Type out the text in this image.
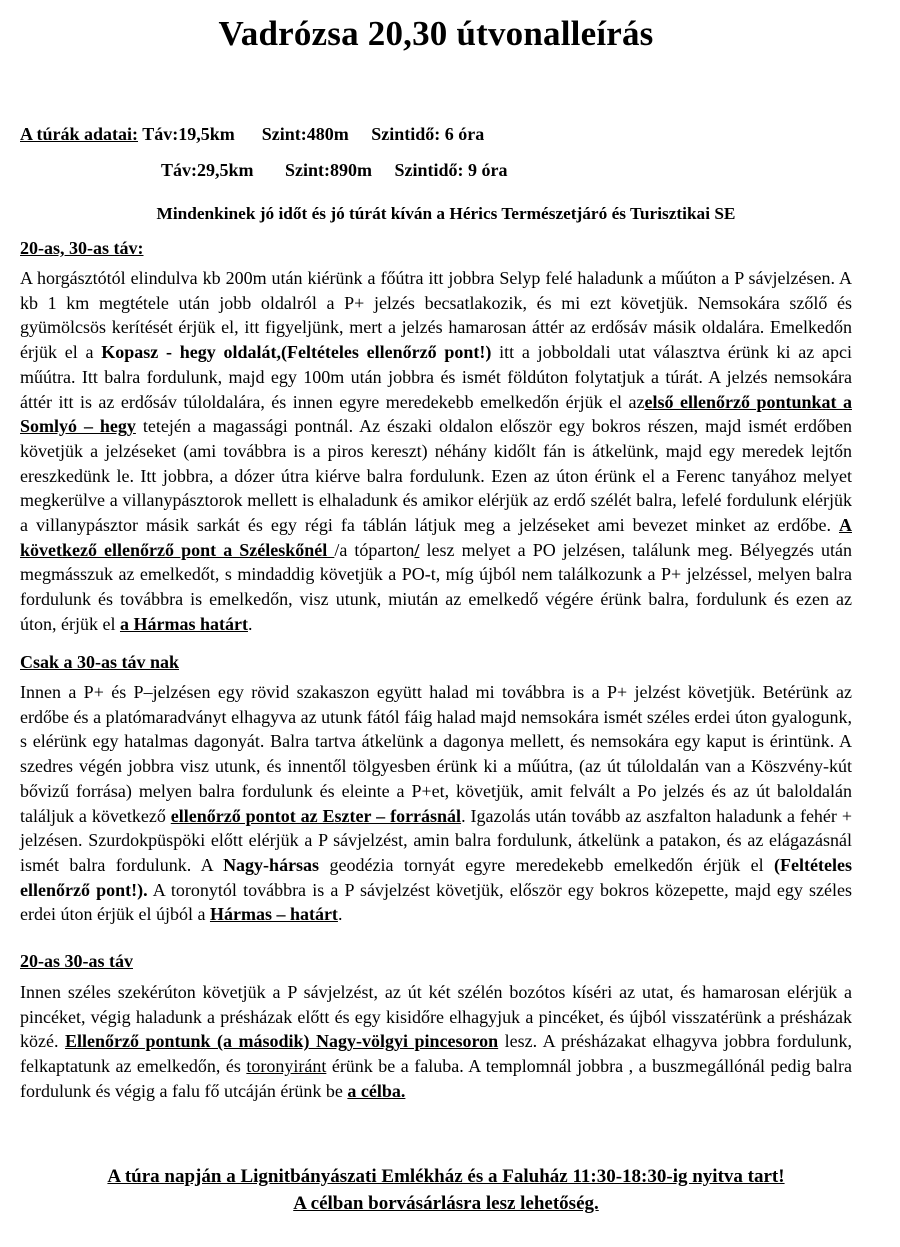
Vadrózsa 20,30 útvonalleírás
A túrák adatai: Táv:19,5km Szint:480m Szintidő: 6 óra
Táv:29,5km Szint:890m Szintidő: 9 óra
Mindenkinek jó időt és jó túrát kíván a Hérics Természetjáró és Turisztikai SE
20-as, 30-as táv:
A horgásztótól elindulva kb 200m után kiérünk a főútra itt jobbra Selyp felé haladunk a műúton a P sávjelzésen. A kb 1 km megtétele után jobb oldalról a P+ jelzés becsatlakozik, és mi ezt követjük. Nemsokára szőlő és gyümölcsös kerítését érjük el, itt figyeljünk, mert a jelzés hamarosan áttér az erdősáv másik oldalára. Emelkedőn érjük el a Kopasz - hegy oldalát,(Feltételes ellenőrző pont!) itt a jobboldali utat választva érünk ki az apci műútra. Itt balra fordulunk, majd egy 100m után jobbra és ismét földúton folytatjuk a túrát. A jelzés nemsokára áttér itt is az erdősáv túloldalára, és innen egyre meredekebb emelkedőn érjük el azelső ellenőrző pontunkat a Somlyó – hegy tetején a magassági pontnál. Az északi oldalon először egy bokros részen, majd ismét erdőben követjük a jelzéseket (ami továbbra is a piros kereszt) néhány kidőlt fán is átkelünk, majd egy meredek lejtőn ereszkedünk le. Itt jobbra, a dózer útra kiérve balra fordulunk. Ezen az úton érünk el a Ferenc tanyához melyet megkerülve a villanypásztorok mellett is elhaladunk és amikor elérjük az erdő szélét balra, lefelé fordulunk elérjük a villanypásztor másik sarkát és egy régi fa táblán látjuk meg a jelzéseket ami bevezet minket az erdőbe. A következő ellenőrző pont a Széleskőnél /a tóparton/ lesz melyet a PO jelzésen, találunk meg. Bélyegzés után megmásszuk az emelkedőt, s mindaddig követjük a PO-t, míg újból nem találkozunk a P+ jelzéssel, melyen balra fordulunk és továbbra is emelkedőn, visz utunk, miután az emelkedő végére érünk balra, fordulunk és ezen az úton, érjük el a Hármas határt.
Csak a 30-as táv nak
Innen a P+ és P–jelzésen egy rövid szakaszon együtt halad mi továbbra is a P+ jelzést követjük. Betérünk az erdőbe és a platómaradványt elhagyva az utunk fától fáig halad majd nemsokára ismét széles erdei úton gyalogunk, s elérünk egy hatalmas dagonyát. Balra tartva átkelünk a dagonya mellett, és nemsokára egy kaput is érintünk. A szedres végén jobbra visz utunk, és innentől tölgyesben érünk ki a műútra, (az út túloldalán van a Köszvény-kút bővizű forrása) melyen balra fordulunk és eleinte a P+et, követjük, amit felvált a Po jelzés és az út baloldalán találjuk a következő ellenőrző pontot az Eszter – forrásnál. Igazolás után tovább az aszfalton haladunk a fehér + jelzésen. Szurdokpüspöki előtt elérjük a P sávjelzést, amin balra fordulunk, átkelünk a patakon, és az elágazásnál ismét balra fordulunk. A Nagy-hársas geodézia tornyát egyre meredekebb emelkedőn érjük el (Feltételes ellenőrző pont!). A toronytól továbbra is a P sávjelzést követjük, először egy bokros közepette, majd egy széles erdei úton érjük el újból a Hármas – határt.
20-as 30-as táv
Innen széles szekérúton követjük a P sávjelzést, az út két szélén bozótos kíséri az utat, és hamarosan elérjük a pincéket, végig haladunk a présházak előtt és egy kisidőre elhagyjuk a pincéket, és újból visszatérünk a présházak közé. Ellenőrző pontunk (a második) Nagy-völgyi pincesoron lesz. A présházakat elhagyva jobbra fordulunk, felkaptatunk az emelkedőn, és toronyiránt érünk be a faluba. A templomnál jobbra , a buszmegállónál pedig balra fordulunk és végig a falu fő utcáján érünk be a célba.
A túra napján a Lignitbányászati Emlékház és a Faluház 11:30-18:30-ig nyitva tart!
A célban borvásárlásra lesz lehetőség.
